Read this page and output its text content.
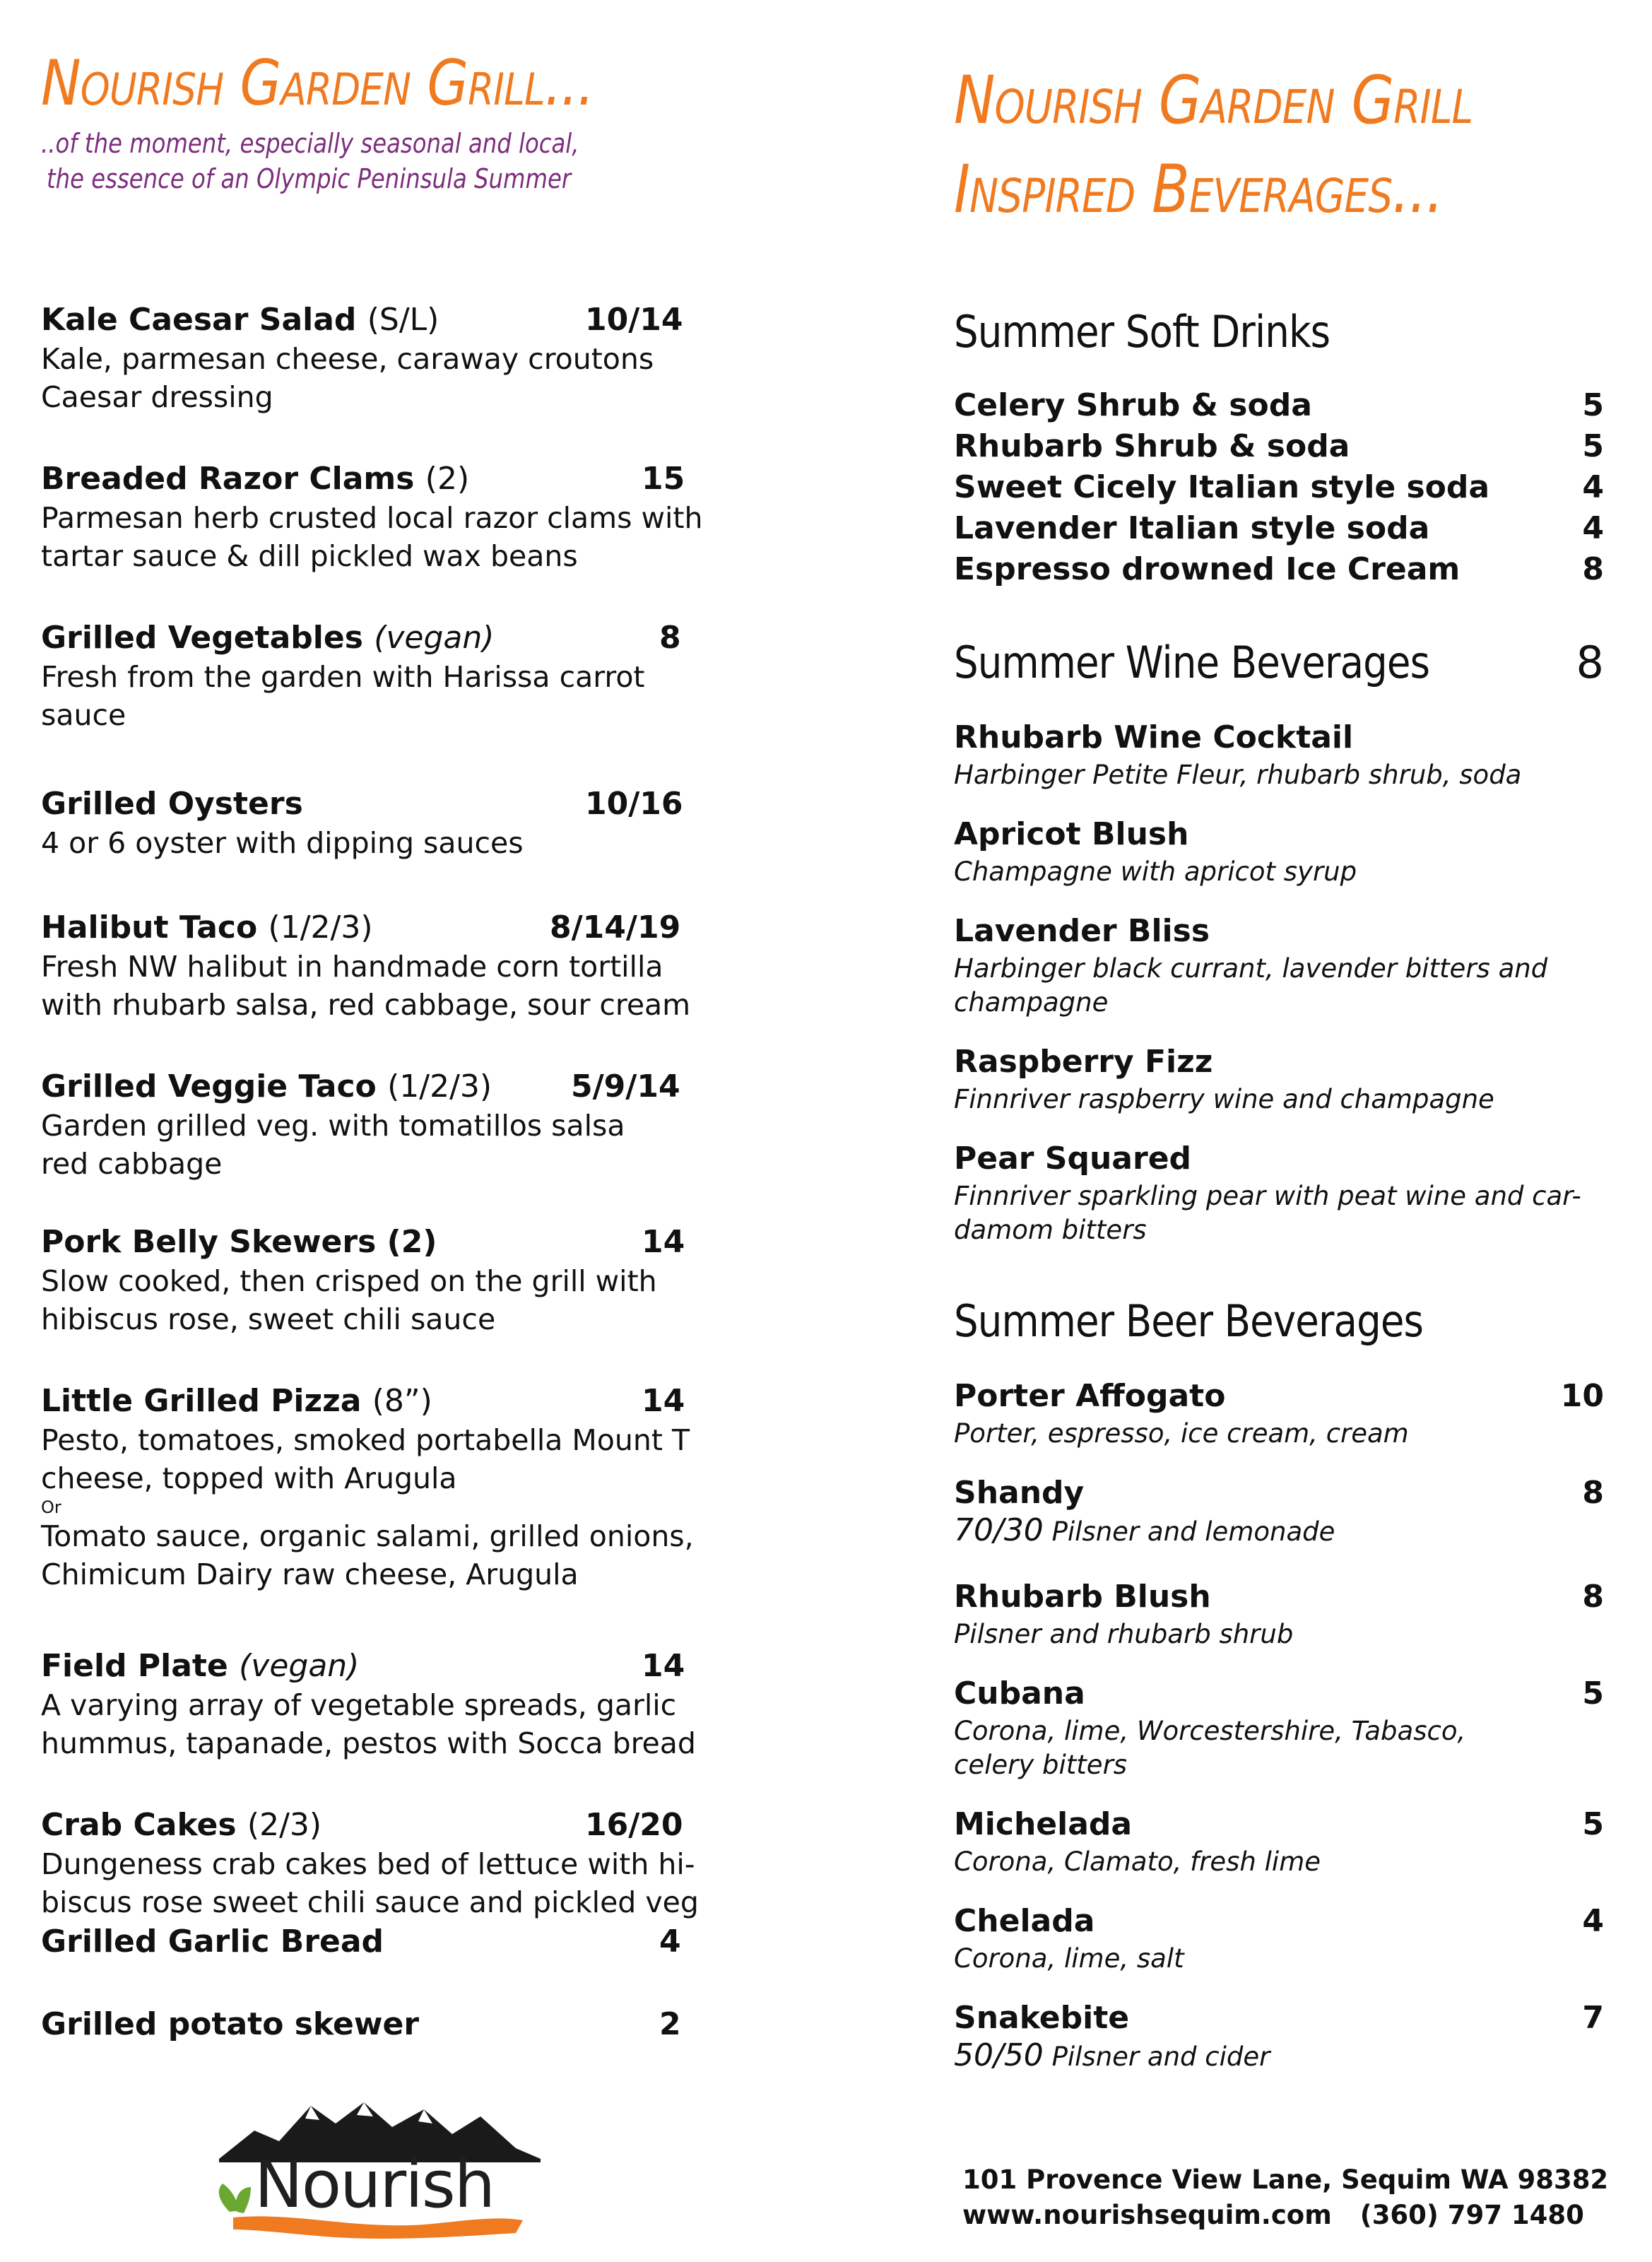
Nourish Garden Grill...
..of the moment, especially seasonal and local,
the essence of an Olympic Peninsula Summer
Kale Caesar Salad (S/L)	10/14
Kale, parmesan cheese, caraway croutons
Caesar dressing
Breaded Razor Clams (2)	15
Parmesan herb crusted local razor clams with
tartar sauce & dill pickled wax beans
Grilled Vegetables (vegan)	8
Fresh from the garden with Harissa carrot
sauce
Grilled Oysters	10/16
4 or 6 oyster with dipping sauces
Halibut Taco (1/2/3)	8/14/19
Fresh NW halibut in handmade corn tortilla
with rhubarb salsa, red cabbage, sour cream
Grilled Veggie Taco (1/2/3)	5/9/14
Garden grilled veg. with tomatillos salsa
red cabbage
Pork Belly Skewers (2)	14
Slow cooked, then crisped on the grill with
hibiscus rose, sweet chili sauce
Little Grilled Pizza (8”)	14
Pesto, tomatoes, smoked portabella Mount T
cheese, topped with Arugula
Or
Tomato sauce, organic salami, grilled onions,
Chimicum Dairy raw cheese, Arugula
Field Plate (vegan)	14
A varying array of vegetable spreads, garlic
hummus, tapanade, pestos with Socca bread
Crab Cakes (2/3)	16/20
Dungeness crab cakes bed of lettuce with hi-
biscus rose sweet chili sauce and pickled veg
Grilled Garlic Bread	4
Grilled potato skewer	2
Nourish
Nourish Garden Grill
Inspired Beverages...
Summer Soft Drinks
Celery Shrub & soda	5
Rhubarb Shrub & soda	5
Sweet Cicely Italian style soda	4
Lavender Italian style soda	4
Espresso drowned Ice Cream	8
Summer Wine Beverages	8
Rhubarb Wine Cocktail
Harbinger Petite Fleur, rhubarb shrub, soda
Apricot Blush
Champagne with apricot syrup
Lavender Bliss
Harbinger black currant, lavender bitters and
champagne
Raspberry Fizz
Finnriver raspberry wine and champagne
Pear Squared
Finnriver sparkling pear with peat wine and car-
damom bitters
Summer Beer Beverages
Porter Affogato	10
Porter, espresso, ice cream, cream
Shandy	8
70/30 Pilsner and lemonade
Rhubarb Blush	8
Pilsner and rhubarb shrub
Cubana	5
Corona, lime, Worcestershire, Tabasco,
celery bitters
Michelada	5
Corona, Clamato, fresh lime
Chelada	4
Corona, lime, salt
Snakebite	7
50/50 Pilsner and cider
101 Provence View Lane, Sequim WA 98382
www.nourishsequim.com (360) 797 1480
